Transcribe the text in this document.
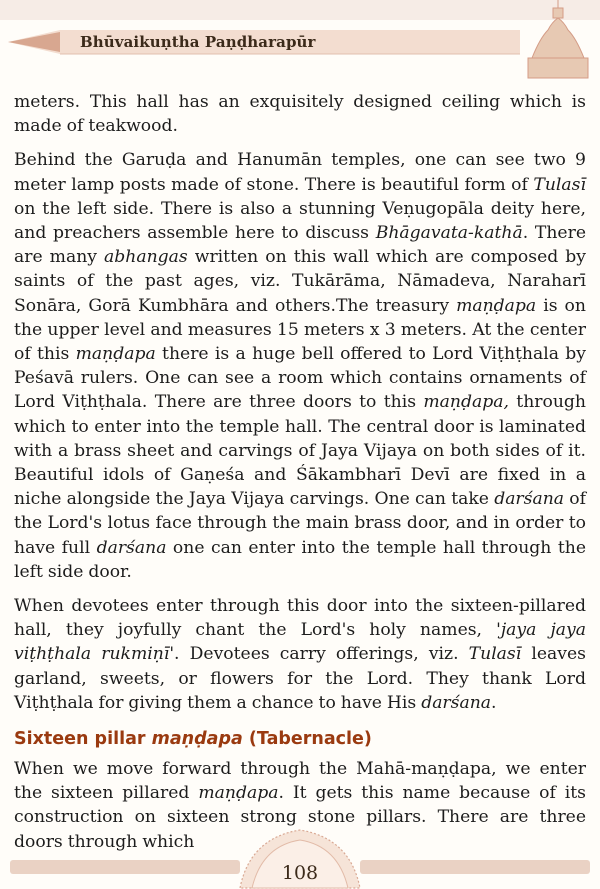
Bhūvaikuṇtha Paṇḍharapūr

meters. This hall has an exquisitely designed ceiling which is made of teakwood.

Behind the Garuḍa and Hanumān temples, one can see two 9 meter lamp posts made of stone. There is beautiful form of Tulasī on the left side. There is also a stunning Veṇugopāla deity here, and preachers assemble here to discuss Bhāgavata-kathā. There are many abhangas written on this wall which are composed by saints of the past ages, viz. Tukārāma, Nāmadeva, Naraharī Sonāra, Gorā Kumbhāra and others.The treasury maṇḍapa is on the upper level and measures 15 meters x 3 meters. At the center of this maṇḍapa there is a huge bell offered to Lord Viṭhṭhala by Peśavā rulers. One can see a room which contains ornaments of Lord Viṭhṭhala. There are three doors to this maṇḍapa, through which to enter into the temple hall. The central door is laminated with a brass sheet and carvings of Jaya Vijaya on both sides of it. Beautiful idols of Gaṇeśa and Śākambharī Devī are fixed in a niche alongside the Jaya Vijaya carvings. One can take darśana of the Lord's lotus face through the main brass door, and in order to have full darśana one can enter into the temple hall through the left side door.

When devotees enter through this door into the sixteen-pillared hall, they joyfully chant the Lord's holy names, 'jaya jaya viṭhṭhala rukmiṇī'. Devotees carry offerings, viz. Tulasī leaves garland, sweets, or flowers for the Lord. They thank Lord Viṭhṭhala for giving them a chance to have His darśana.

Sixteen pillar maṇḍapa (Tabernacle)

When we move forward through the Mahā-maṇḍapa, we enter the sixteen pillared maṇḍapa. It gets this name because of its construction on sixteen strong stone pillars. There are three doors through which

108
